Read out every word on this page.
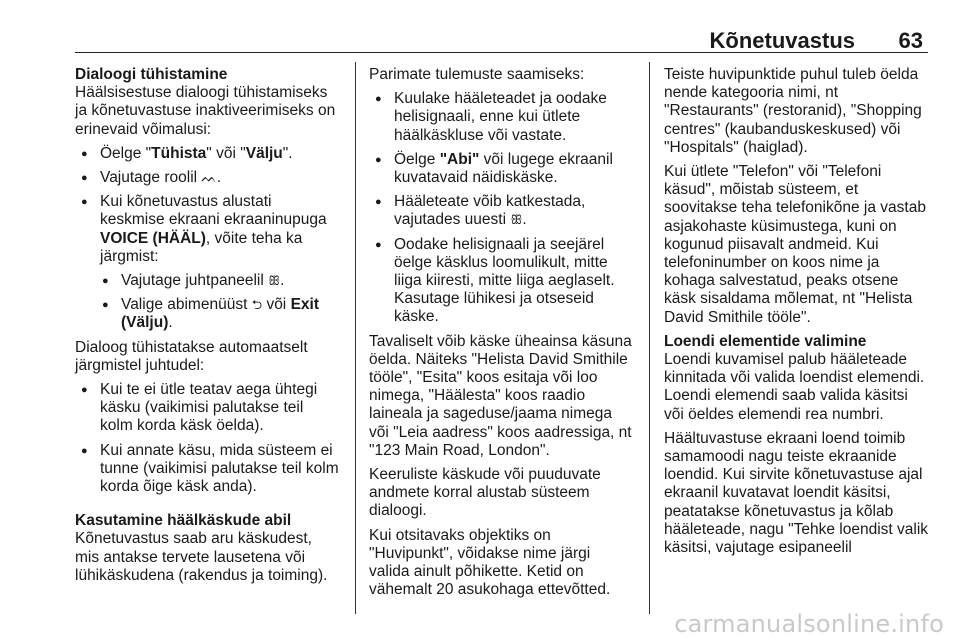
Kõnetuvastus 63

Dialoogi tühistamine

Häälsisestuse dialoogi tühistamiseks ja kõnetuvastuse inaktiveerimiseks on erinevaid võimalusi:

● Öelge "Tühista" või "Välju".
● Vajutage roolil ᨓ.
● Kui kõnetuvastus alustati keskmise ekraani ekraaninupuga VOICE (HÄÄL), võite teha ka järgmist:
● Vajutage juhtpaneelil ꕥ.
● Valige abimenüüst ⮌ või Exit (Välju).

Dialoog tühistatakse automaatselt järgmistel juhtudel:

● Kui te ei ütle teatav aega ühtegi käsku (vaikimisi palutakse teil kolm korda käsk öelda).
● Kui annate käsu, mida süsteem ei tunne (vaikimisi palutakse teil kolm korda õige käsk anda).

Kasutamine häälkäskude abil

Kõnetuvastus saab aru käskudest, mis antakse tervete lausetena või lühikäskudena (rakendus ja toiming).

Parimate tulemuste saamiseks:

● Kuulake hääleteadet ja oodake helisignaali, enne kui ütlete häälkäskluse või vastate.
● Öelge "Abi" või lugege ekraanil kuvatavaid näidiskäske.
● Hääleteate võib katkestada, vajutades uuesti ꕥ.
● Oodake helisignaali ja seejärel öelge käsklus loomulikult, mitte liiga kiiresti, mitte liiga aeglaselt. Kasutage lühikesi ja otseseid käske.

Tavaliselt võib käske üheainsa käsuna öelda. Näiteks "Helista David Smithile tööle", "Esita" koos esitaja või loo nimega, "Häälesta" koos raadio laineala ja sageduse/jaama nimega või "Leia aadress" koos aadressiga, nt "123 Main Road, London".

Keeruliste käskude või puuduvate andmete korral alustab süsteem dialoogi.

Kui otsitavaks objektiks on "Huvipunkt", võidakse nime järgi valida ainult põhikette. Ketid on vähemalt 20 asukohaga ettevõtted.

Teiste huvipunktide puhul tuleb öelda nende kategooria nimi, nt "Restaurants" (restoranid), "Shopping centres" (kaubanduskeskused) või "Hospitals" (haiglad).

Kui ütlete "Telefon" või "Telefoni käsud", mõistab süsteem, et soovitakse teha telefonikõne ja vastab asjakohaste küsimustega, kuni on kogunud piisavalt andmeid. Kui telefoninumber on koos nime ja kohaga salvestatud, peaks otsene käsk sisaldama mõlemat, nt "Helista David Smithile tööle".

Loendi elementide valimine

Loendi kuvamisel palub hääleteade kinnitada või valida loendist elemendi. Loendi elemendi saab valida käsitsi või öeldes elemendi rea numbri.

Häältuvastuse ekraani loend toimib samamoodi nagu teiste ekraanide loendid. Kui sirvite kõnetuvastuse ajal ekraanil kuvatavat loendit käsitsi, peatatakse kõnetuvastus ja kõlab hääleteade, nagu "Tehke loendist valik käsitsi, vajutage esipaneelil

carmanualsonline.info
